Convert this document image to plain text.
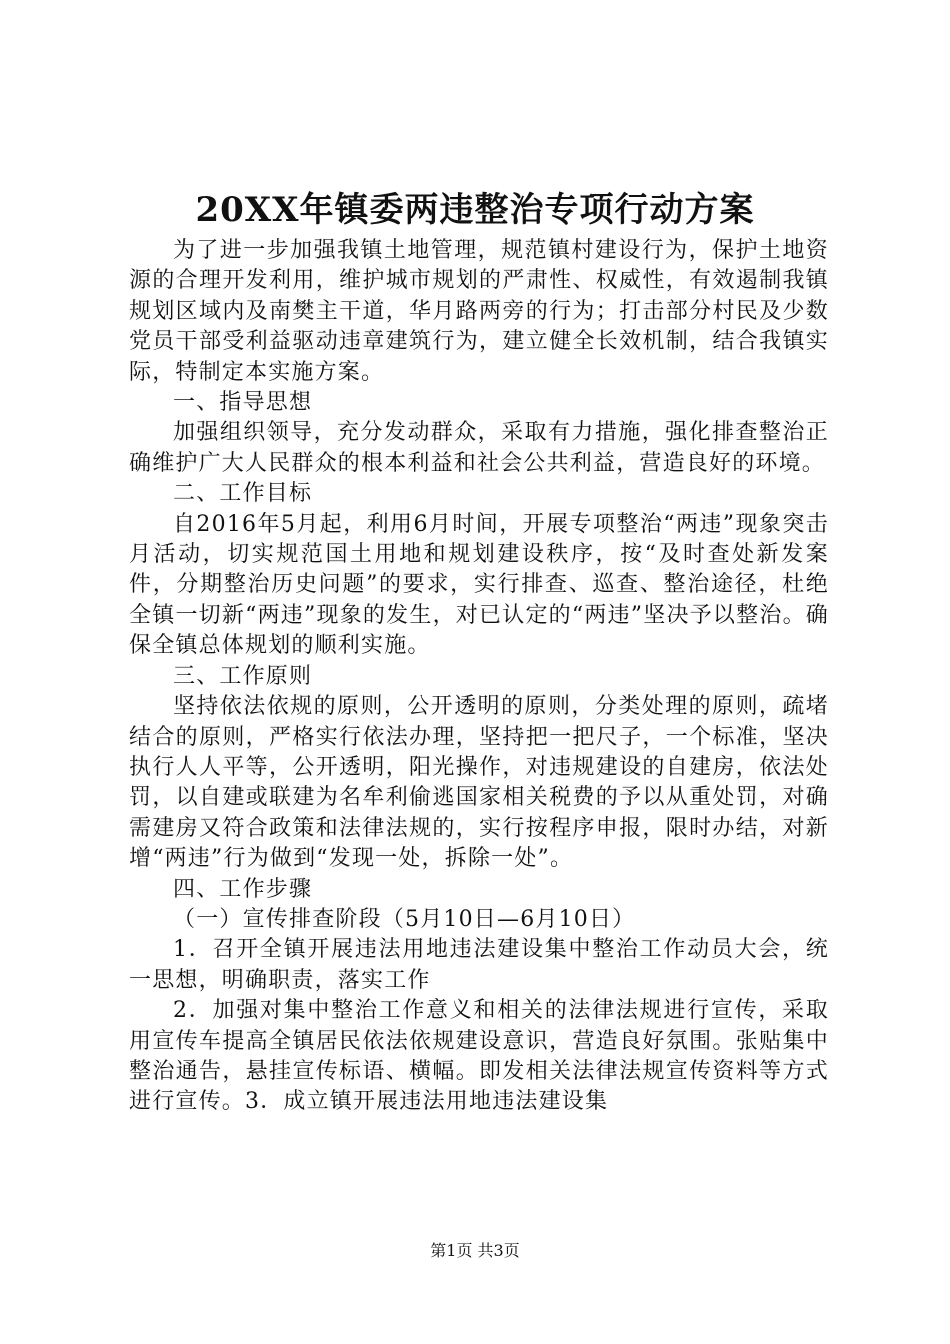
20XX年镇委两违整治专项行动方案

为了进一步加强我镇土地管理，规范镇村建设行为，保护土地资源的合理开发利用，维护城市规划的严肃性、权威性，有效遏制我镇规划区域内及南樊主干道，华月路两旁的行为；打击部分村民及少数党员干部受利益驱动违章建筑行为，建立健全长效机制，结合我镇实际，特制定本实施方案。

一、指导思想

加强组织领导，充分发动群众，采取有力措施，强化排查整治正确维护广大人民群众的根本利益和社会公共利益，营造良好的环境。

二、工作目标

自2016年5月起，利用6月时间，开展专项整治“两违”现象突击月活动，切实规范国土用地和规划建设秩序，按“及时查处新发案件，分期整治历史问题”的要求，实行排查、巡查、整治途径，杜绝全镇一切新“两违”现象的发生，对已认定的“两违”坚决予以整治。确保全镇总体规划的顺利实施。

三、工作原则

坚持依法依规的原则，公开透明的原则，分类处理的原则，疏堵结合的原则，严格实行依法办理，坚持把一把尺子，一个标准，坚决执行人人平等，公开透明，阳光操作，对违规建设的自建房，依法处罚，以自建或联建为名牟利偷逃国家相关税费的予以从重处罚，对确需建房又符合政策和法律法规的，实行按程序申报，限时办结，对新增“两违”行为做到“发现一处，拆除一处”。

四、工作步骤

（一）宣传排查阶段（5月10日—6月10日）

1．召开全镇开展违法用地违法建设集中整治工作动员大会，统一思想，明确职责，落实工作

2．加强对集中整治工作意义和相关的法律法规进行宣传，采取用宣传车提高全镇居民依法依规建设意识，营造良好氛围。张贴集中整治通告，悬挂宣传标语、横幅。即发相关法律法规宣传资料等方式进行宣传。3．成立镇开展违法用地违法建设集

第1页 共3页
